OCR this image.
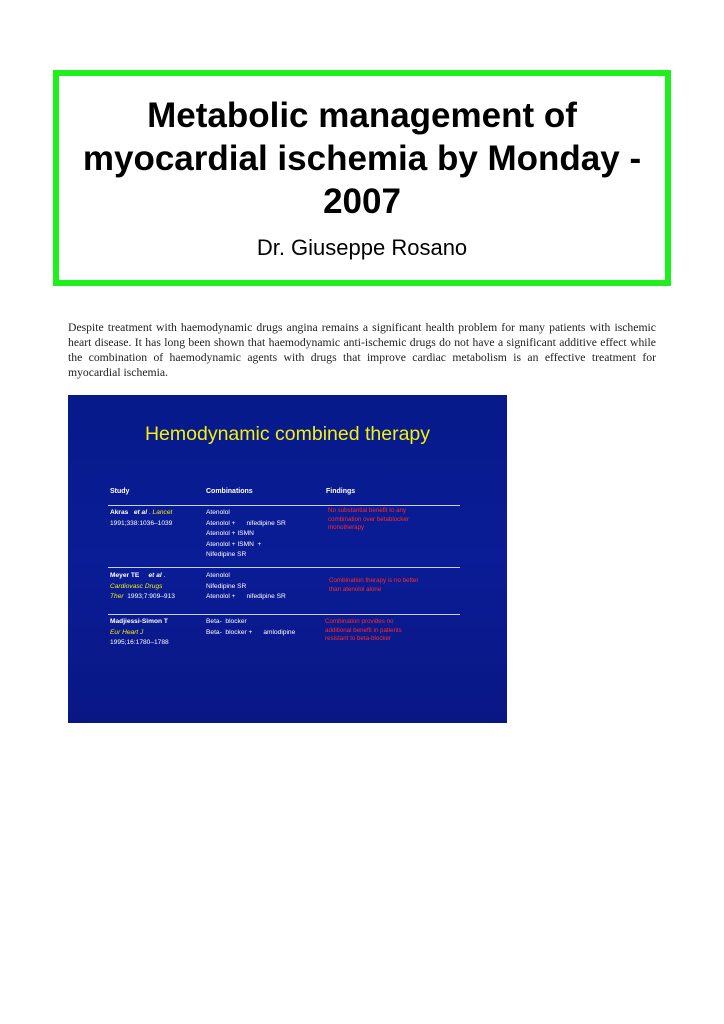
Metabolic management of myocardial ischemia by Monday - 2007
Dr. Giuseppe Rosano

Despite treatment with haemodynamic drugs angina remains a significant health problem for many patients with ischemic heart disease. It has long been shown that haemodynamic anti-ischemic drugs do not have a significant additive effect while the combination of haemodynamic agents with drugs that improve cardiac metabolism is an effective treatment for myocardial ischemia.

Hemodynamic combined therapy
Study	Combinations	Findings
Akras et al . Lancet
1991;338:1036–1039
Atenolol
Atenolol +      nifedipine SR
Atenolol + ISMN
Atenolol + ISMN  +
Nifedipine SR
No substantial benefit to any
combination over betablocker
monotherapy
Meyer TE et al .
Cardiovasc Drugs
Ther 1993;7:909–913
Atenolol
Nifedipine SR
Atenolol +      nifedipine SR
Combination therapy is no better
than atenolol alone
Madjiessi-Simon T
Eur Heart J
1995;16:1780–1788
Beta-  blocker
Beta-  blocker +      amlodipine
Combination provides no
additional benefit in patients
resistant to beta-blocker
